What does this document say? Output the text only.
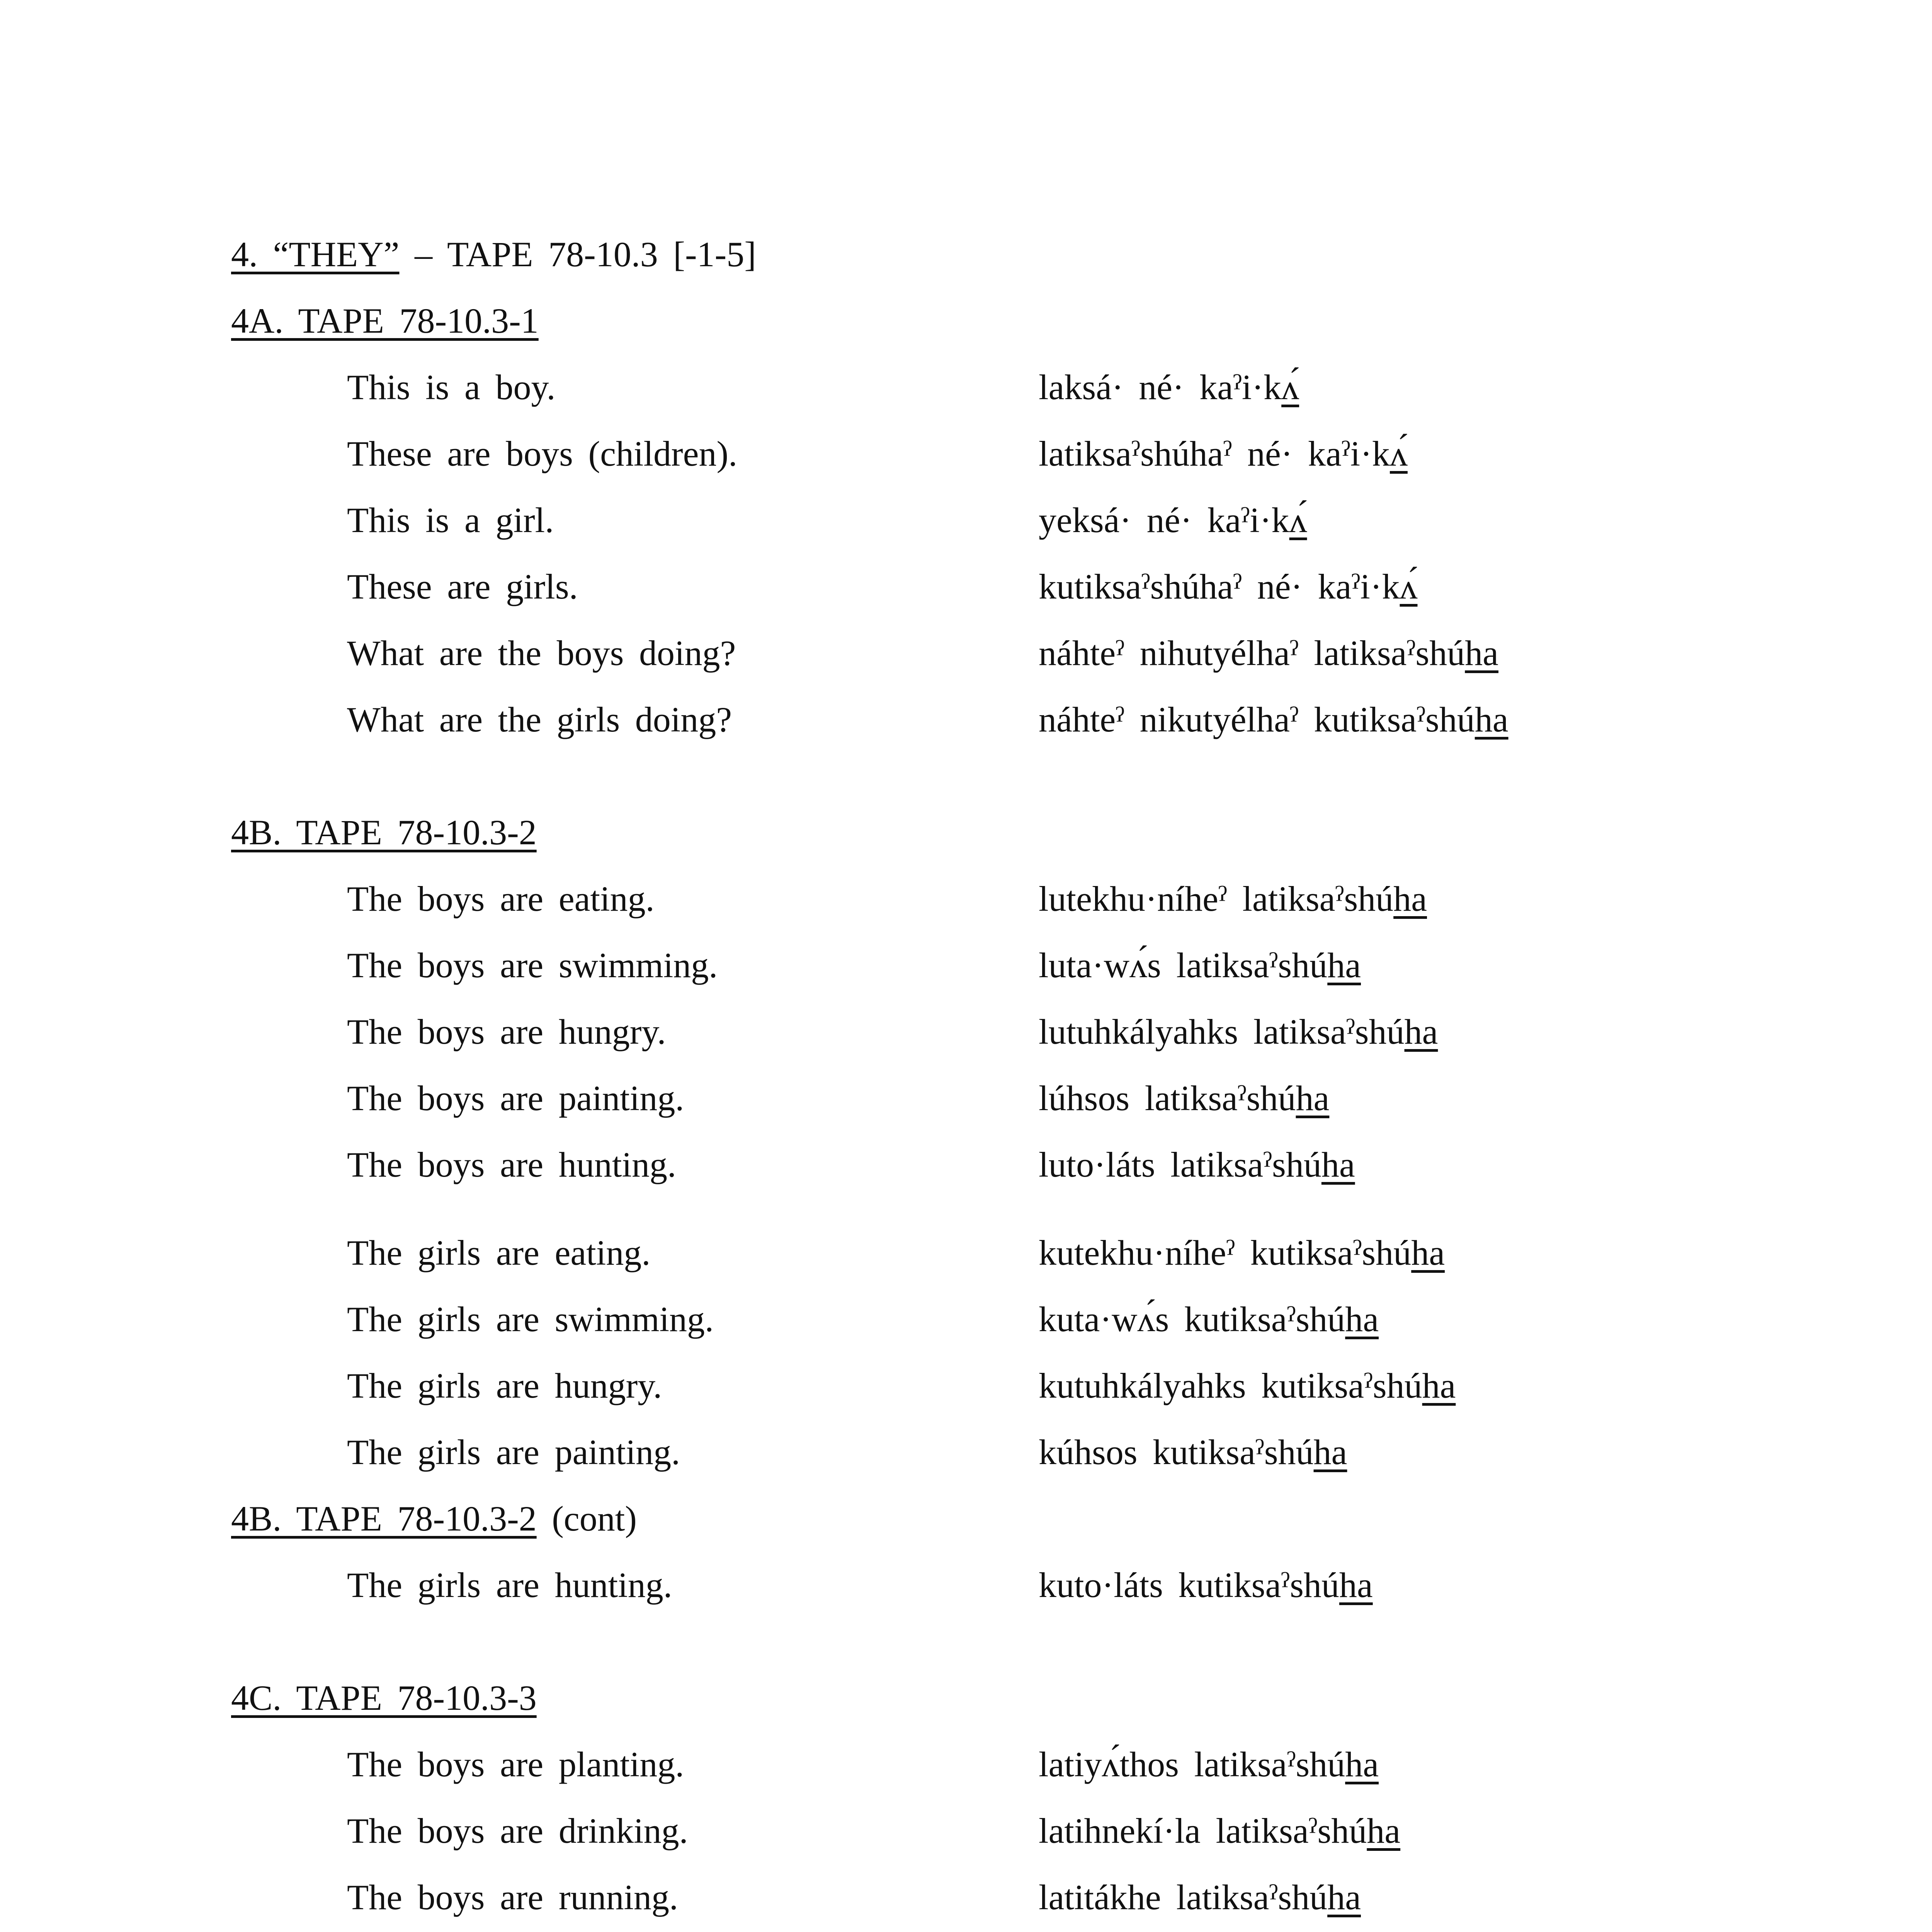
4. “THEY” – TAPE 78-10.3 [-1-5]
4A. TAPE 78-10.3-1
This is a boy.	laksá· né· kaˀi·kʌ́
These are boys (children).	latiksaˀshúhaˀ né· kaˀi·kʌ́
This is a girl.	yeksá· né· kaˀi·kʌ́
These are girls.	kutiksaˀshúhaˀ né· kaˀi·kʌ́
What are the boys doing?	náhteˀ nihutyélhaˀ latiksaˀshúha
What are the girls doing?	náhteˀ nikutyélhaˀ kutiksaˀshúha
4B. TAPE 78-10.3-2
The boys are eating.	lutekhu·níheˀ latiksaˀshúha
The boys are swimming.	luta·wʌ́s latiksaˀshúha
The boys are hungry.	lutuhkályahks latiksaˀshúha
The boys are painting.	lúhsos latiksaˀshúha
The boys are hunting.	luto·láts latiksaˀshúha
The girls are eating.	kutekhu·níheˀ kutiksaˀshúha
The girls are swimming.	kuta·wʌ́s kutiksaˀshúha
The girls are hungry.	kutuhkályahks kutiksaˀshúha
The girls are painting.	kúhsos kutiksaˀshúha
4B. TAPE 78-10.3-2 (cont)
The girls are hunting.	kuto·láts kutiksaˀshúha
4C. TAPE 78-10.3-3
The boys are planting.	latiyʌ́thos latiksaˀshúha
The boys are drinking.	latihnekí·la latiksaˀshúha
The boys are running.	latitákhe latiksaˀshúha
